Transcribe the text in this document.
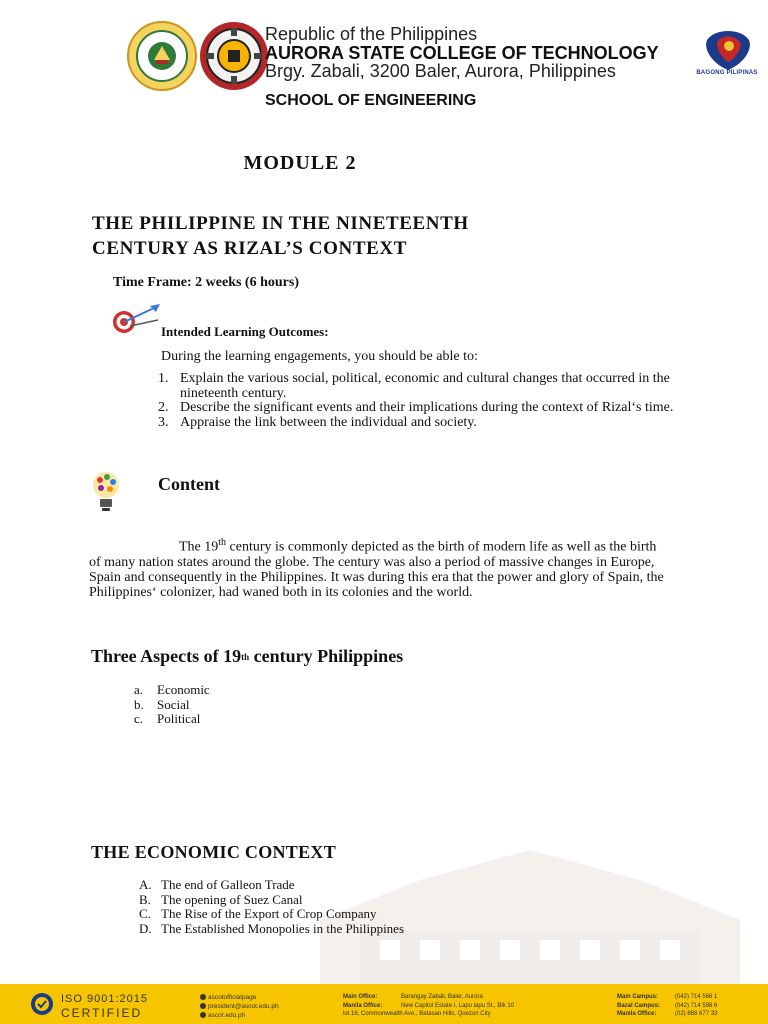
Republic of the Philippines
AURORA STATE COLLEGE OF TECHNOLOGY
Brgy. Zabali, 3200 Baler, Aurora, Philippines
SCHOOL OF ENGINEERING
BAGONG PILIPINAS
MODULE 2
THE PHILIPPINE IN THE NINETEENTH
CENTURY AS RIZAL’S CONTEXT
Time Frame: 2 weeks (6 hours)
Intended Learning Outcomes:
During the learning engagements, you should be able to:
1. Explain the various social, political, economic and cultural changes that occurred in the nineteenth century.
2. Describe the significant events and their implications during the context of Rizal‘s time.
3. Appraise the link between the individual and society.
Content

The 19th century is commonly depicted as the birth of modern life as well as the birth of many nation states around the globe. The century was also a period of massive changes in Europe, Spain and consequently in the Philippines. It was during this era that the power and glory of Spain, the Philippines‘ colonizer, had waned both in its colonies and the world.

Three Aspects of 19th century Philippines
a. Economic
b. Social
c. Political
THE ECONOMIC CONTEXT
A. The end of Galleon Trade
B. The opening of Suez Canal
C. The Rise of the Export of Crop Company
D. The Established Monopolies in the Philippines
ISO 9001:2015
CERTIFIED
ascotofficialpage
president@ascot.edu.ph
ascot.edu.ph
Main Office:	Barangay Zabali, Baler, Aurora
Manila Office:	New Capitol Estate I, Lapu lapu St., Blk 10
lot 16, Commonwealth Ave., Batasan Hills, Quezon City
Main Campus:	(042) 714 566 1
Bazal Campus: (042) 714 598 6
Manila Office:	(02) 888 677 33
